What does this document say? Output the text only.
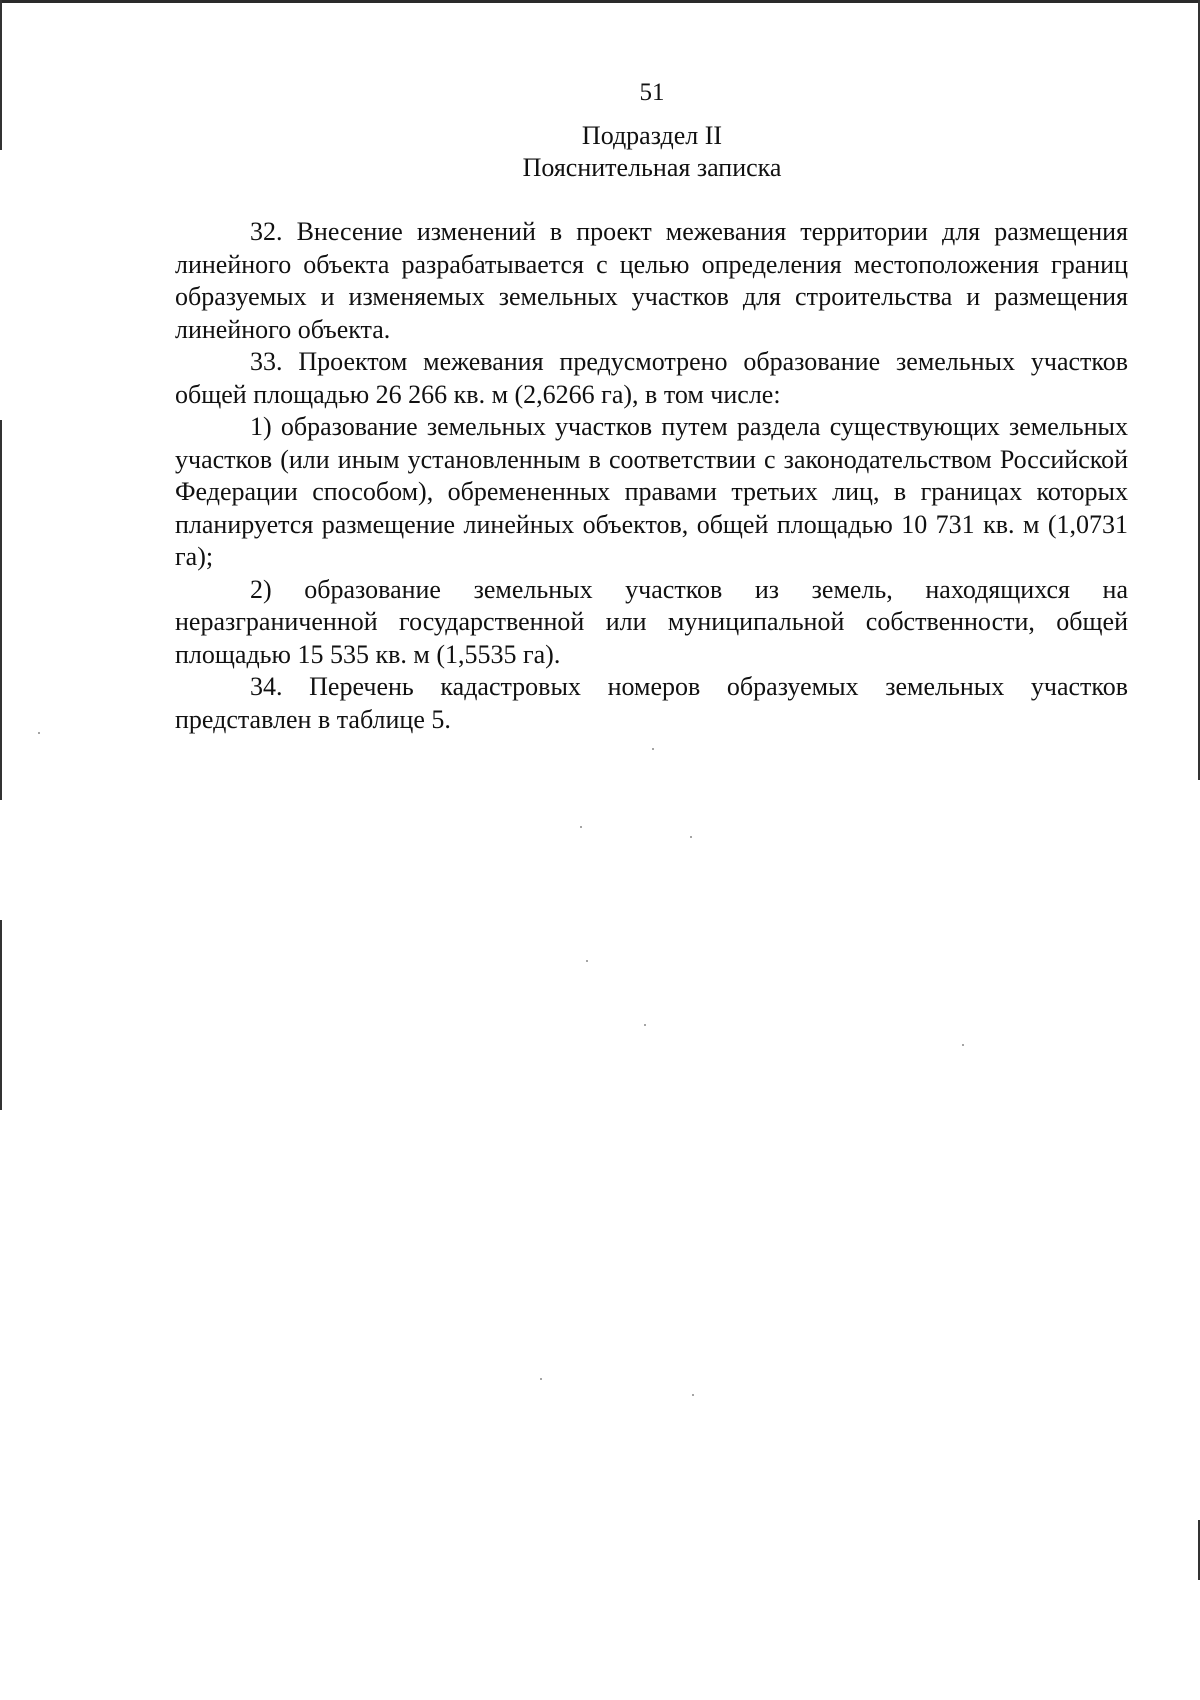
51
Подраздел II
Пояснительная записка

32. Внесение изменений в проект межевания территории для размещения линейного объекта разрабатывается с целью определения местоположения границ образуемых и изменяемых земельных участков для строительства и размещения линейного объекта.

33. Проектом межевания предусмотрено образование земельных участков общей площадью 26 266 кв. м (2,6266 га), в том числе:

1) образование земельных участков путем раздела существующих земельных участков (или иным установленным в соответствии с законодательством Российской Федерации способом), обремененных правами третьих лиц, в границах которых планируется размещение линейных объектов, общей площадью 10 731 кв. м (1,0731 га);

2) образование земельных участков из земель, находящихся на неразграниченной государственной или муниципальной собственности, общей площадью 15 535 кв. м (1,5535 га).

34. Перечень кадастровых номеров образуемых земельных участков представлен в таблице 5.
